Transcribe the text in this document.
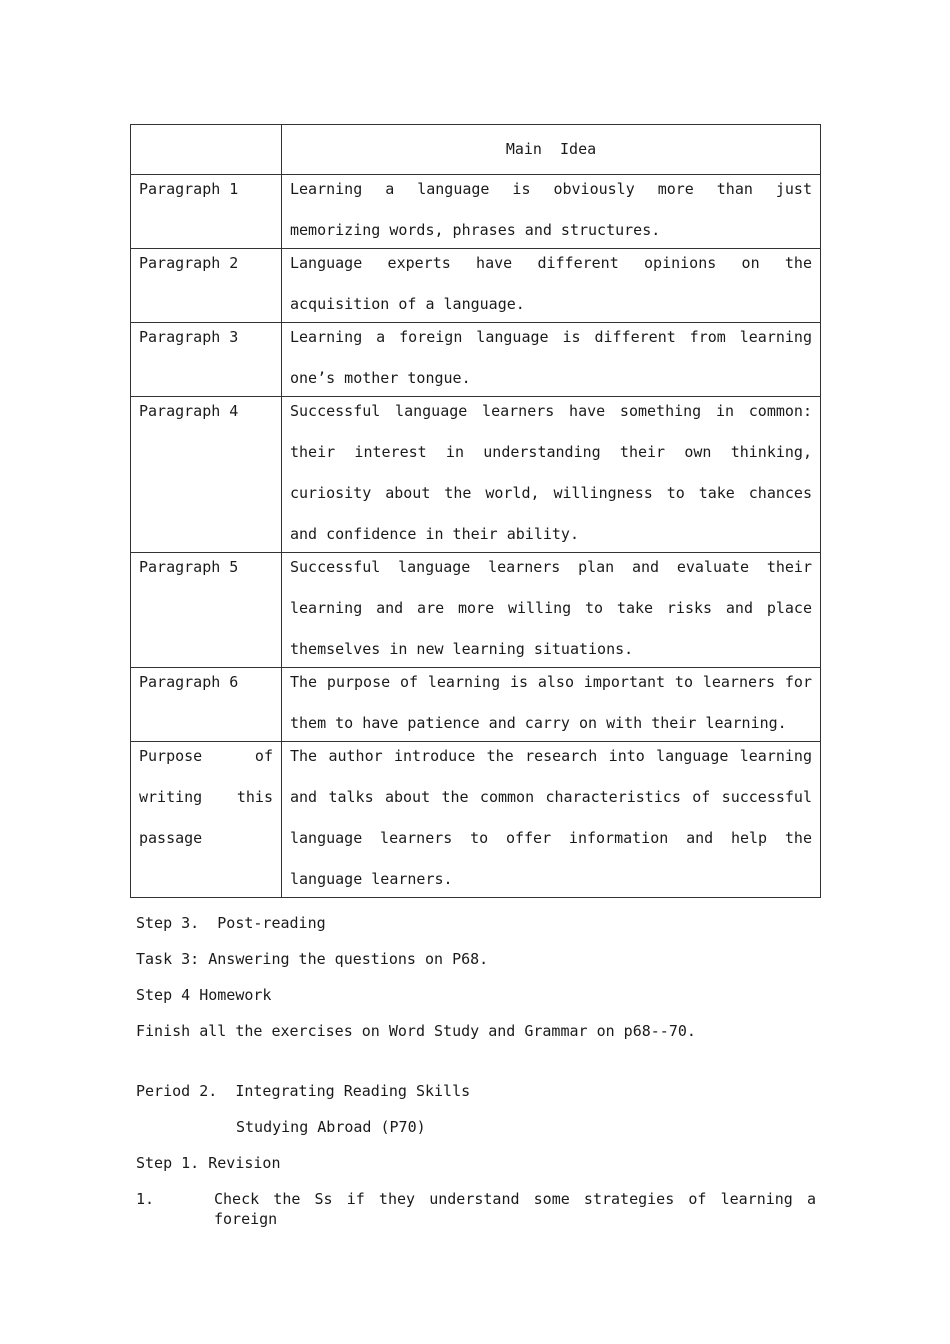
	Main  Idea

Paragraph 1	Learning a language is obviously more than just memorizing words, phrases and structures.

Paragraph 2	Language experts have different opinions on the acquisition of a language.

Paragraph 3	Learning a foreign language is different from learning one’s mother tongue.

Paragraph 4	Successful language learners have something in common: their interest in understanding their own thinking, curiosity about the world, willingness to take chances and confidence in their ability.

Paragraph 5	Successful language learners plan and evaluate their learning and are more willing to take risks and place themselves in new learning situations.

Paragraph 6	The purpose of learning is also important to learners for them to have patience and carry on with their learning.

Purpose of writing this passage	The author introduce the research into language learning and talks about the common characteristics of successful language learners to offer information and help the language learners.
Step 3.  Post-reading
Task 3: Answering the questions on P68.
Step 4 Homework
Finish all the exercises on Word Study and Grammar on p68--70.
Period 2.  Integrating Reading Skills
Studying Abroad (P70)
Step 1. Revision
1.	Check the Ss if they understand some strategies of learning a foreign
